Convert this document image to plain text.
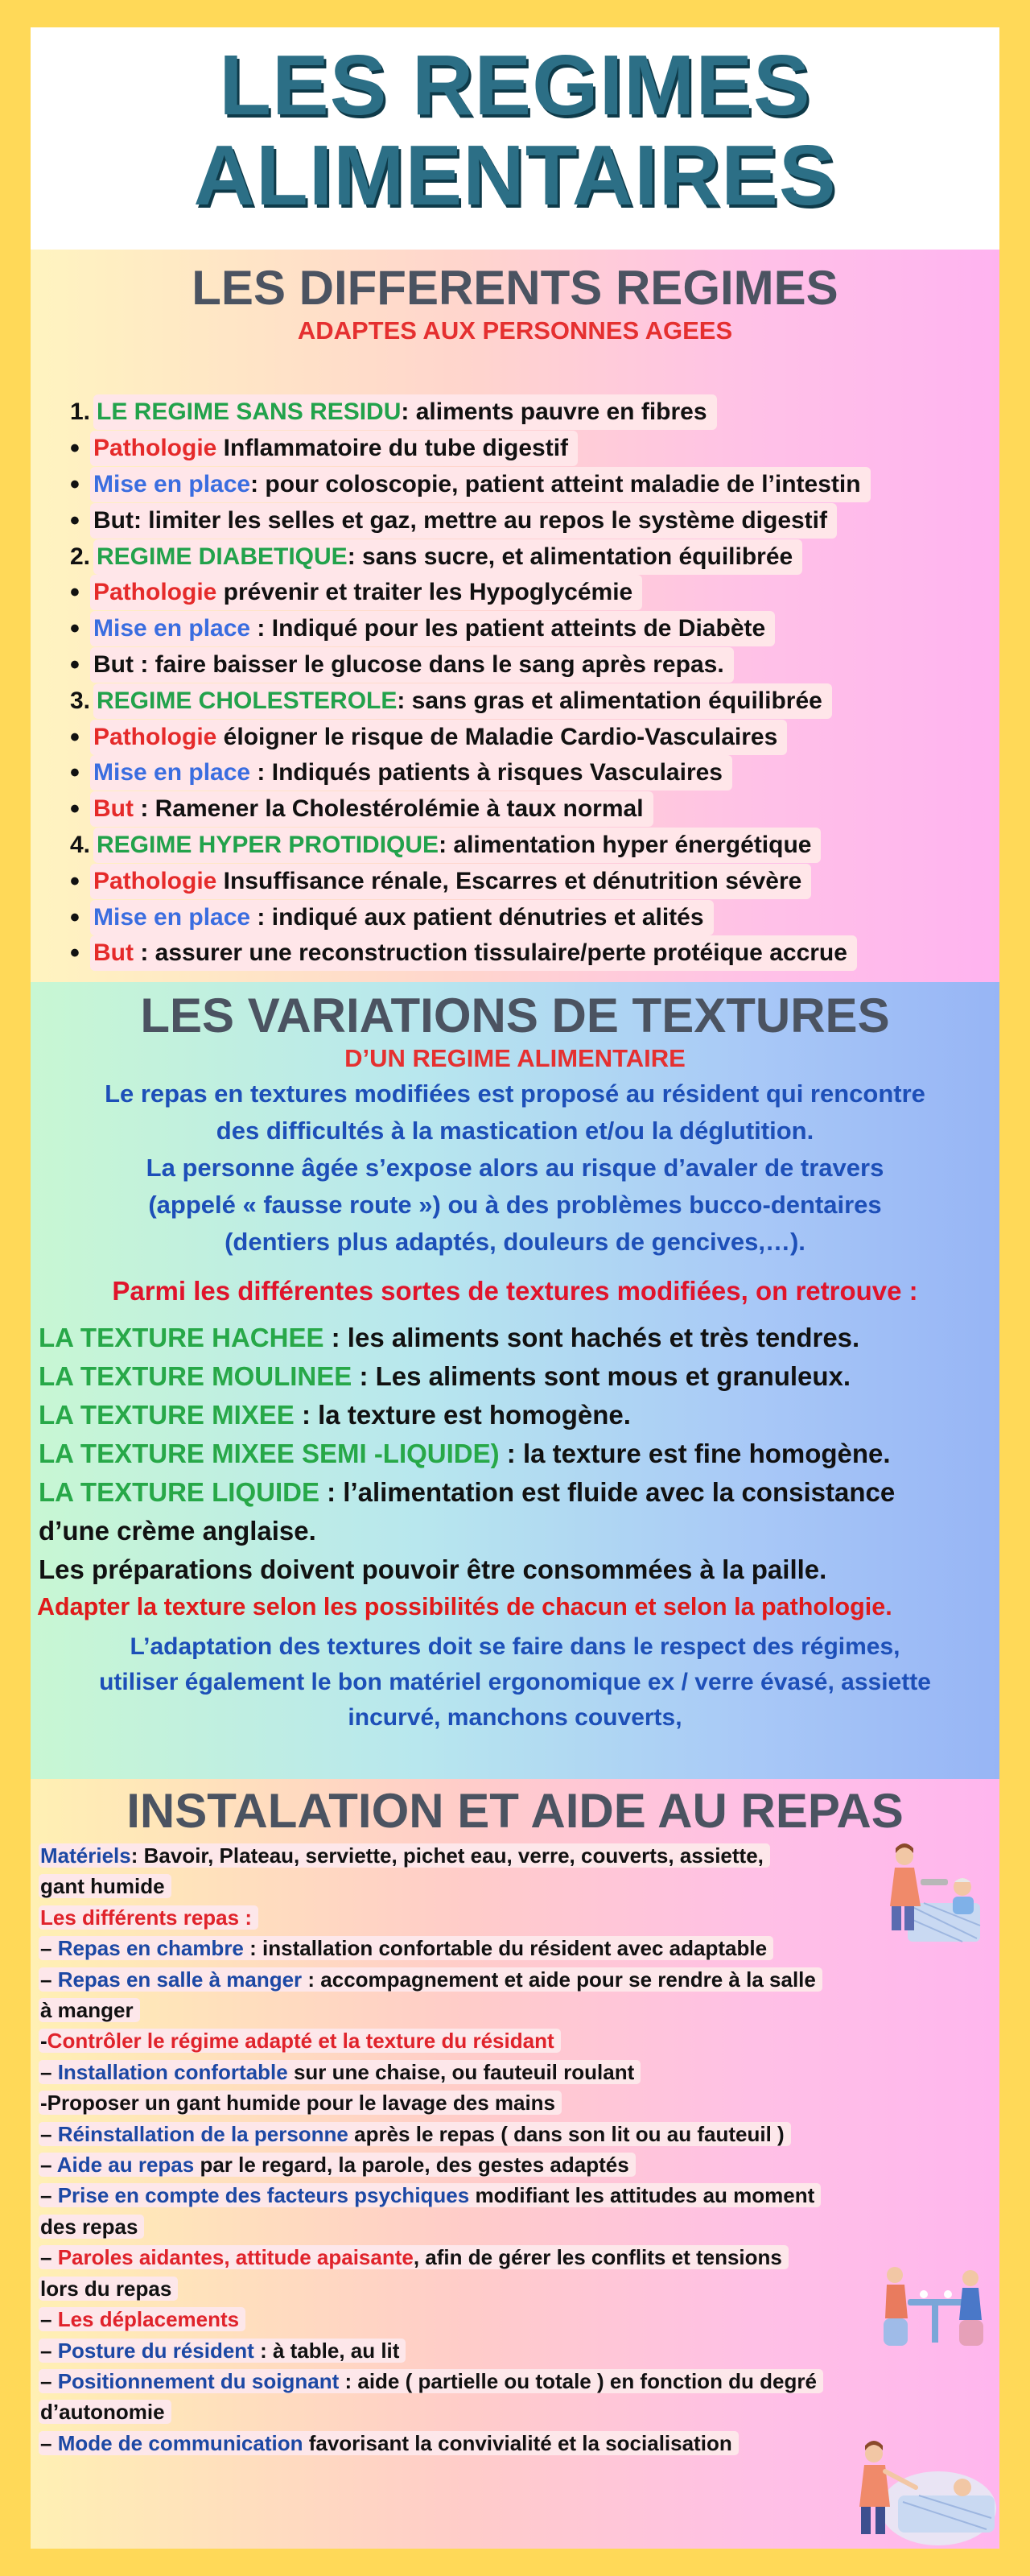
LES REGIMES
ALIMENTAIRES
LES DIFFERENTS REGIMES

ADAPTES AUX PERSONNES AGEES

1. LE REGIME SANS RESIDU: aliments pauvre en fibres
• Pathologie Inflammatoire du tube digestif
• Mise en place: pour coloscopie, patient atteint maladie de l’intestin
• But: limiter les selles et gaz, mettre au repos le système digestif
2. REGIME DIABETIQUE: sans sucre, et alimentation équilibrée
• Pathologie prévenir et traiter les Hypoglycémie
• Mise en place : Indiqué pour les patient atteints de Diabète
• But : faire baisser le glucose dans le sang après repas.
3. REGIME CHOLESTEROLE: sans gras et alimentation équilibrée
• Pathologie éloigner le risque de Maladie Cardio-Vasculaires
• Mise en place : Indiqués patients à risques Vasculaires
• But : Ramener la Cholestérolémie à taux normal
4. REGIME HYPER PROTIDIQUE: alimentation hyper énergétique
• Pathologie Insuffisance rénale, Escarres et dénutrition sévère
• Mise en place : indiqué aux patient dénutries et alités
• But : assurer une reconstruction tissulaire/perte protéique accrue
LES VARIATIONS DE TEXTURES

D’UN REGIME ALIMENTAIRE

Le repas en textures modifiées est proposé au résident qui rencontre

des difficultés à la mastication et/ou la déglutition.

La personne âgée s’expose alors au risque d’avaler de travers

(appelé « fausse route ») ou à des problèmes bucco-dentaires

(dentiers plus adaptés, douleurs de gencives,…).

Parmi les différentes sortes de textures modifiées, on retrouve :

LA TEXTURE HACHEE : les aliments sont hachés et très tendres.

LA TEXTURE MOULINEE : Les aliments sont mous et granuleux.

LA TEXTURE MIXEE : la texture est homogène.

LA TEXTURE MIXEE SEMI -LIQUIDE) : la texture est fine homogène.

LA TEXTURE LIQUIDE : l’alimentation est fluide avec la consistance

d’une crème anglaise.

Les préparations doivent pouvoir être consommées à la paille.

Adapter la texture selon les possibilités de chacun et selon la pathologie.

L’adaptation des textures doit se faire dans le respect des régimes,

utiliser également le bon matériel ergonomique ex / verre évasé, assiette

incurvé, manchons couverts,

INSTALATION ET AIDE AU REPAS

Matériels: Bavoir, Plateau, serviette, pichet eau, verre, couverts, assiette,

gant humide

Les différents repas :

– Repas en chambre : installation confortable du résident avec adaptable

– Repas en salle à manger : accompagnement et aide pour se rendre à la salle

à manger

-Contrôler le régime adapté et la texture du résidant

– Installation confortable sur une chaise, ou fauteuil roulant

-Proposer un gant humide pour le lavage des mains

– Réinstallation de la personne après le repas ( dans son lit ou au fauteuil )

– Aide au repas par le regard, la parole, des gestes adaptés

– Prise en compte des facteurs psychiques modifiant les attitudes au moment

des repas

– Paroles aidantes, attitude apaisante, afin de gérer les conflits et tensions

lors du repas

– Les déplacements

– Posture du résident : à table, au lit

– Positionnement du soignant : aide ( partielle ou totale ) en fonction du degré

d’autonomie

– Mode de communication favorisant la convivialité et la socialisation
